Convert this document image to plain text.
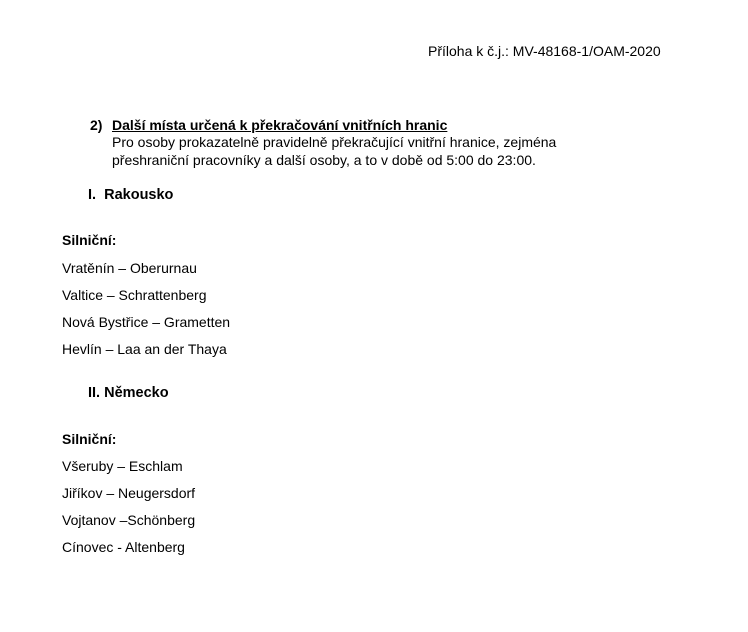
Příloha k č.j.: MV-48168-1/OAM-2020
2) Další místa určená k překračování vnitřních hranic
Pro osoby prokazatelně pravidelně překračující vnitřní hranice, zejména
přeshraniční pracovníky a další osoby, a to v době od 5:00 do 23:00.
I.  Rakousko
Silniční:
Vratěnín – Oberurnau
Valtice – Schrattenberg
Nová Bystřice – Grametten
Hevlín – Laa an der Thaya
II. Německo
Silniční:
Všeruby – Eschlam
Jiříkov – Neugersdorf
Vojtanov –Schönberg
Cínovec - Altenberg
